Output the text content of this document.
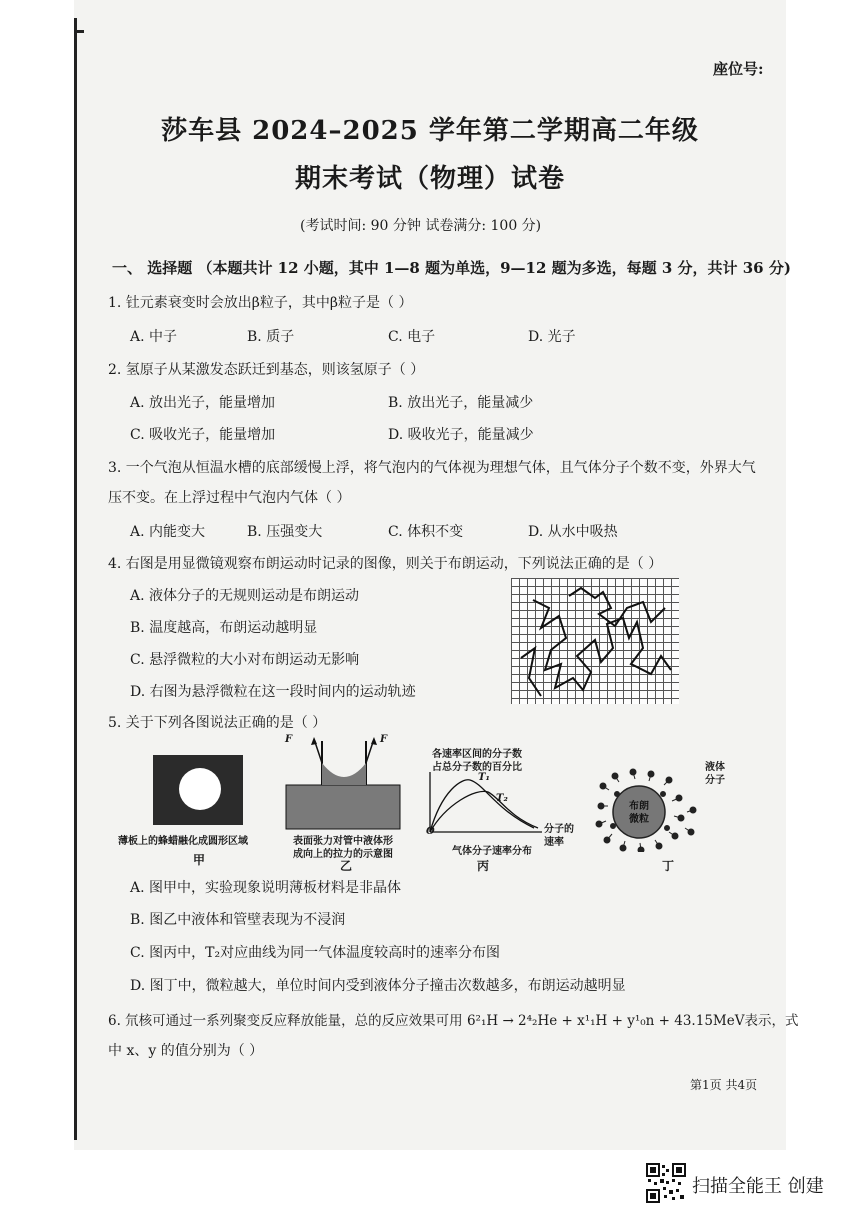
座位号:
莎车县 2024–2025 学年第二学期高二年级
期末考试（物理）试卷
(考试时间: 90 分钟 试卷满分: 100 分)
一、 选择题 （本题共计 12 小题，其中 1—8 题为单选，9—12 题为多选，每题 3 分，共计 36 分)
1. 钍元素衰变时会放出β粒子，其中β粒子是（ ）
A. 中子	B. 质子	C. 电子	D. 光子
2. 氢原子从某激发态跃迁到基态，则该氢原子（ ）
A. 放出光子，能量增加	B. 放出光子，能量减少
C. 吸收光子，能量增加	D. 吸收光子，能量减少
3. 一个气泡从恒温水槽的底部缓慢上浮，将气泡内的气体视为理想气体，且气体分子个数不变，外界大气
压不变。在上浮过程中气泡内气体（ ）
A. 内能变大	B. 压强变大	C. 体积不变	D. 从水中吸热
4. 右图是用显微镜观察布朗运动时记录的图像，则关于布朗运动，下列说法正确的是（ ）
A. 液体分子的无规则运动是布朗运动
B. 温度越高，布朗运动越明显
C. 悬浮微粒的大小对布朗运动无影响
D. 右图为悬浮微粒在这一段时间内的运动轨迹
5. 关于下列各图说法正确的是（ ）
薄板上的蜂蜡融化成圆形区域
甲
F	F
表面张力对管中液体形
成向上的拉力的示意图
乙
各速率区间的分子数
占总分子数的百分比
O
T₁
T₂
分子的
速率
气体分子速率分布
丙
布朗
微粒
液体
分子
丁
A. 图甲中，实验现象说明薄板材料是非晶体
B. 图乙中液体和管壁表现为不浸润
C. 图丙中，T₂对应曲线为同一气体温度较高时的速率分布图
D. 图丁中，微粒越大，单位时间内受到液体分子撞击次数越多，布朗运动越明显
6. 氘核可通过一系列聚变反应释放能量，总的反应效果可用 6²₁H → 2⁴₂He + x¹₁H + y¹₀n + 43.15MeV表示，式
中 x、y 的值分别为（ ）
第1页 共4页
扫描全能王 创建
